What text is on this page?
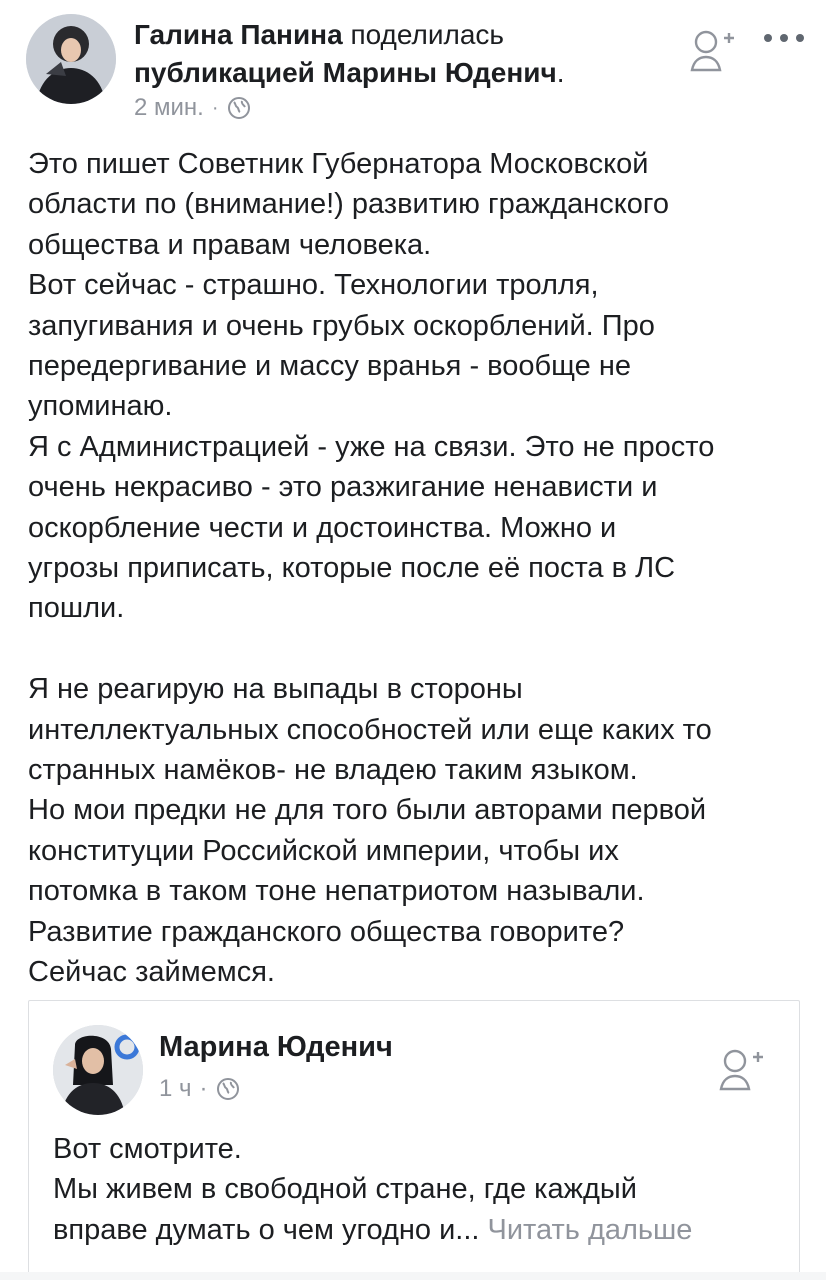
Галина Панина поделилась
публикацией Марины Юденич.
2 мин. ·

Это пишет Советник Губернатора Московской

области по (внимание!) развитию гражданского

общества и правам человека.

Вот сейчас - страшно. Технологии тролля,

запугивания и очень грубых оскорблений. Про

передергивание и массу вранья - вообще не

упоминаю.

Я с Администрацией - уже на связи. Это не просто

очень некрасиво - это разжигание ненависти и

оскорбление чести и достоинства. Можно и

угрозы приписать, которые после её поста в ЛС

пошли.

Я не реагирую на выпады в стороны

интеллектуальных способностей или еще каких то

странных намёков- не владею таким языком.

Но мои предки не для того были авторами первой

конституции Российской империи, чтобы их

потомка в таком тоне непатриотом называли.

Развитие гражданского общества говорите?

Сейчас займемся.

Марина Юденич
1 ч ·
Вот смотрите.
Мы живем в свободной стране, где каждый
вправе думать о чем угодно и... Читать дальше
